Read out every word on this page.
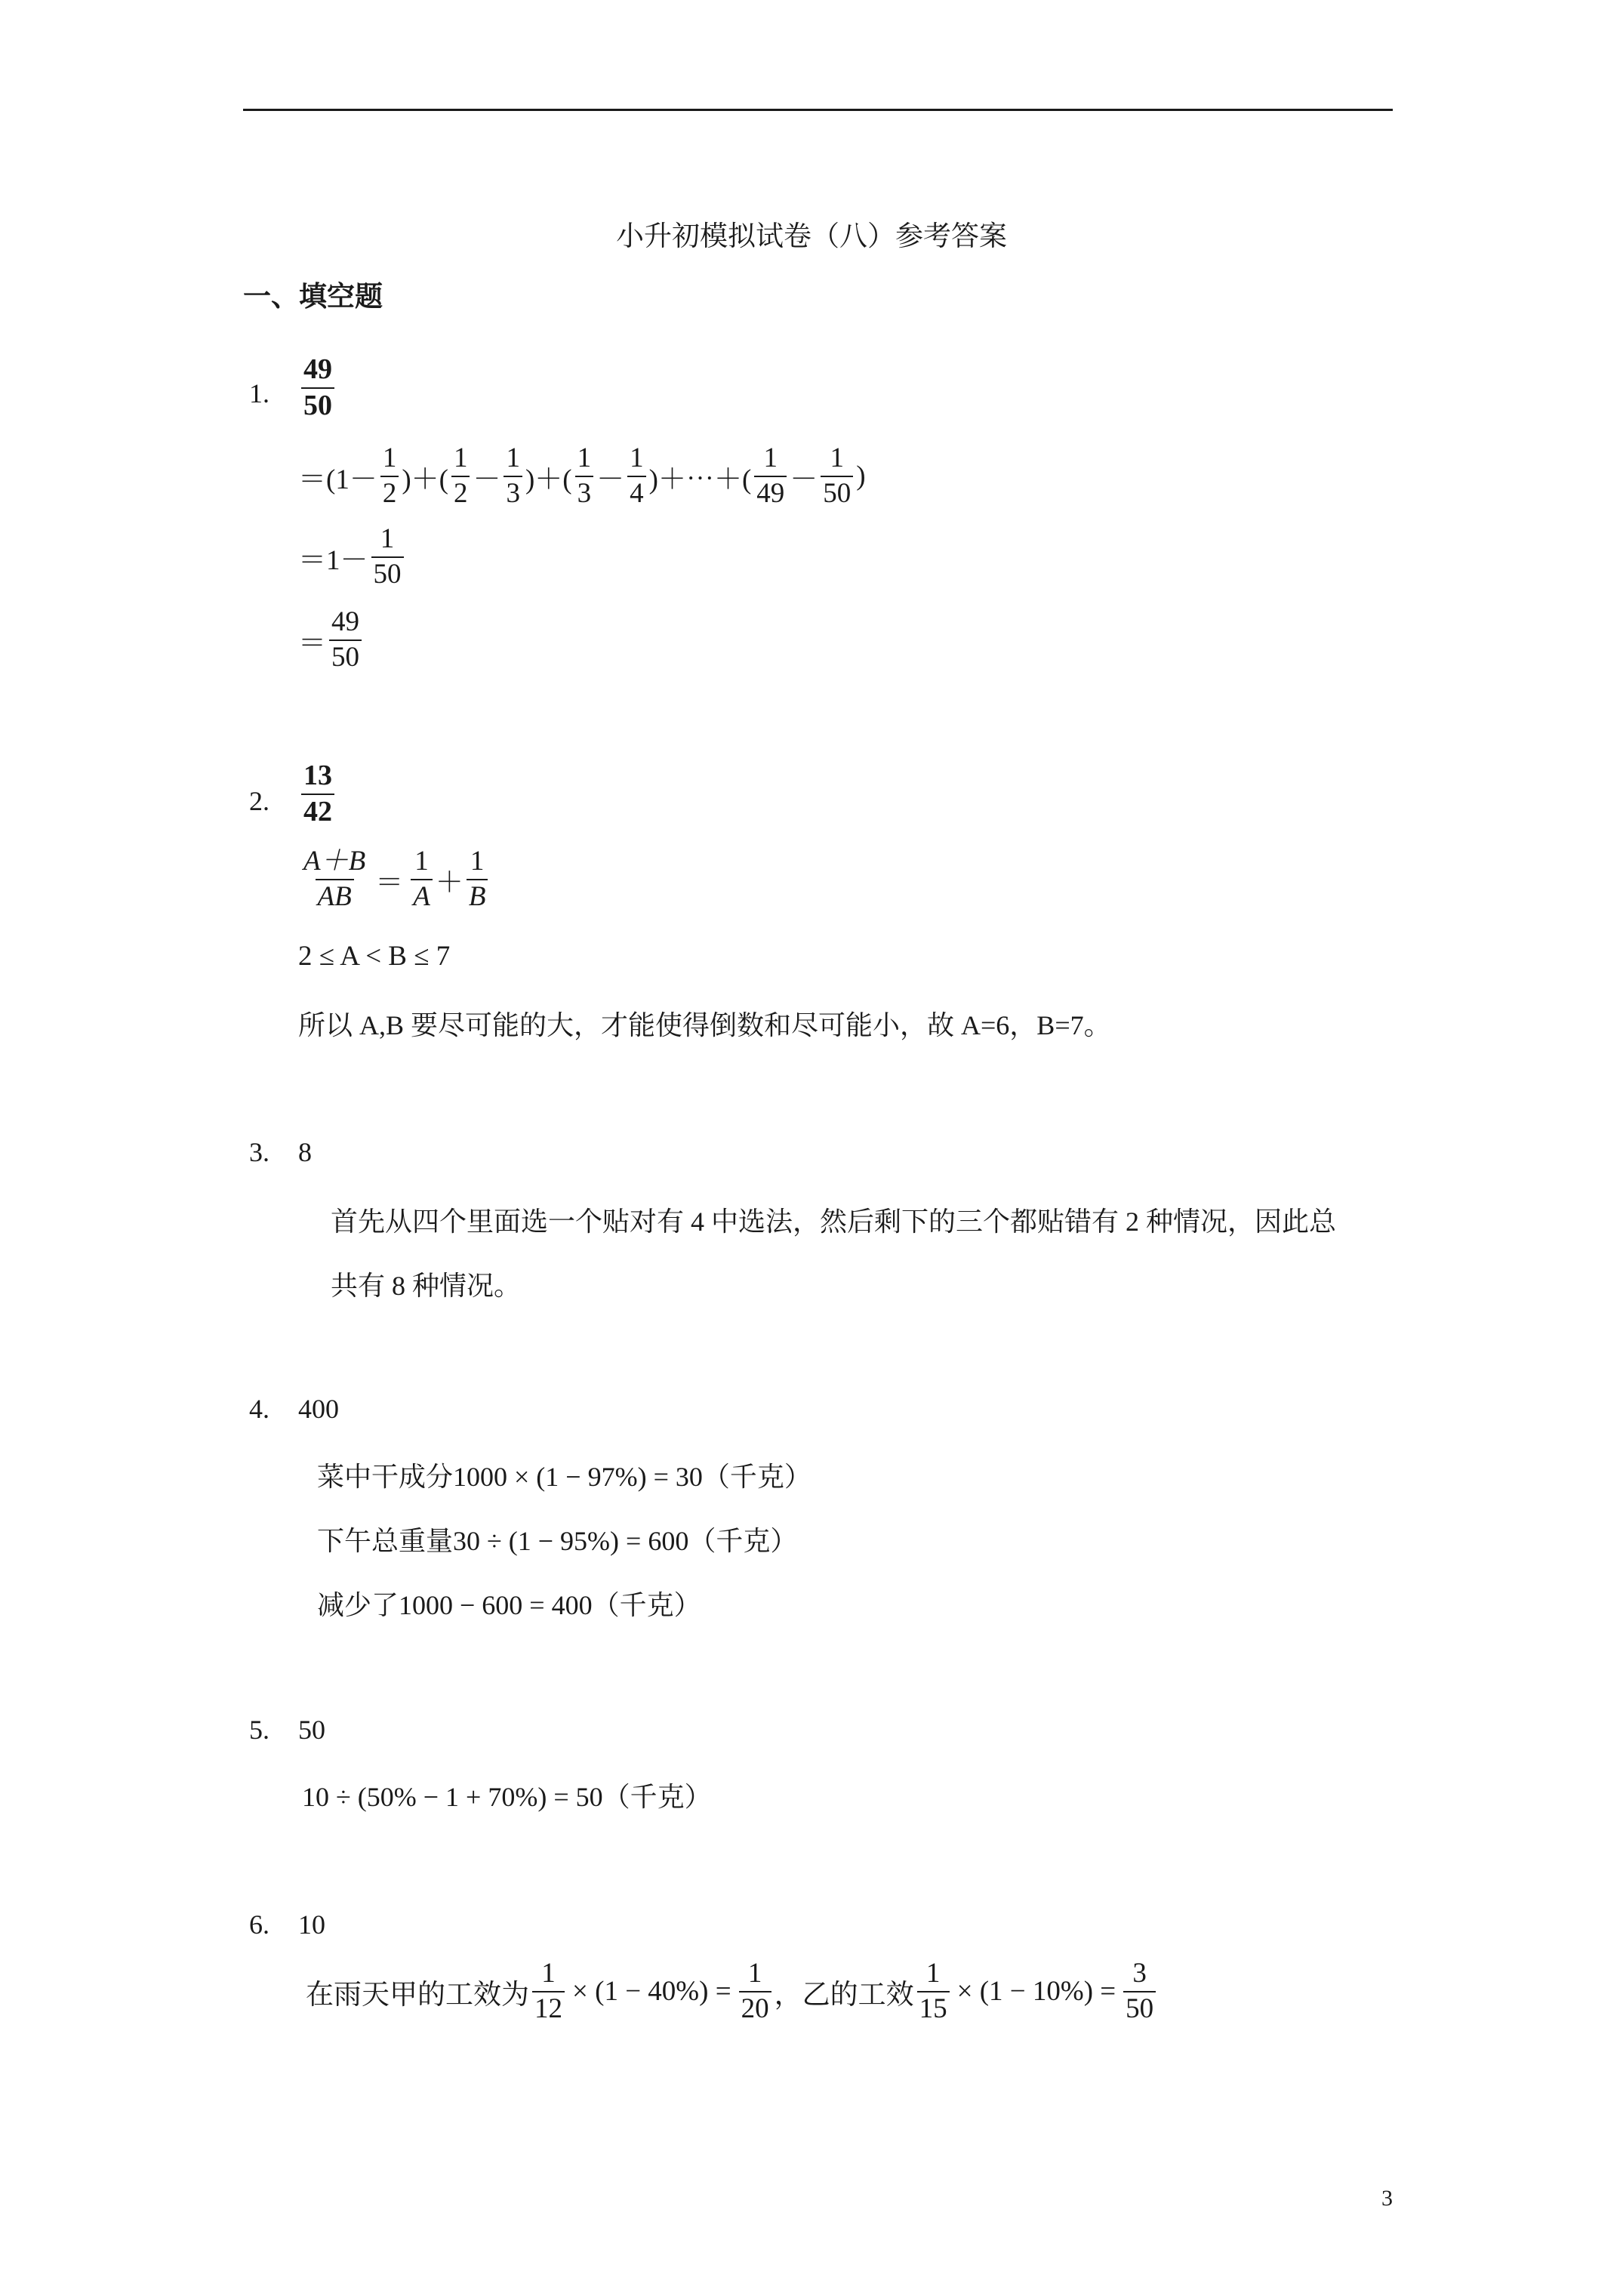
小升初模拟试卷（八）参考答案
一、填空题
1. $\frac{49}{50}$
$=(1- \frac{1}{2}$ )＋( $\frac{1}{2} - \frac{1}{3}$ )＋( $\frac{1}{3} - \frac{1}{4}$ )＋⋯＋( $\frac{1}{49} - \frac{1}{50}$ )
$=1- \frac{1}{50}$
＝ $\frac{49}{50}$
2. $\frac{13}{42}$
$\frac{A+B}{AB} = \frac{1}{A} + \frac{1}{B}$
2 ≤ A < B ≤ 7
所以 A,B 要尽可能的大，才能使得倒数和尽可能小，故 A=6，B=7。
3. 8
首先从四个里面选一个贴对有 4 中选法，然后剩下的三个都贴错有 2 种情况，因此总
共有 8 种情况。
4. 400
菜中干成分1000 × (1 − 97%) = 30（千克）
下午总重量30 ÷ (1 − 95%) = 600（千克）
减少了1000 − 600 = 400（千克）
5. 50
10 ÷ (50% − 1 + 70%) = 50（千克）
6. 10
在雨天甲的工效为 $\frac{1}{12} \times (1 - 40\%) = \frac{1}{20}$ ，乙的工效 $\frac{1}{15} \times (1 - 10\%) = \frac{3}{50}$
3
